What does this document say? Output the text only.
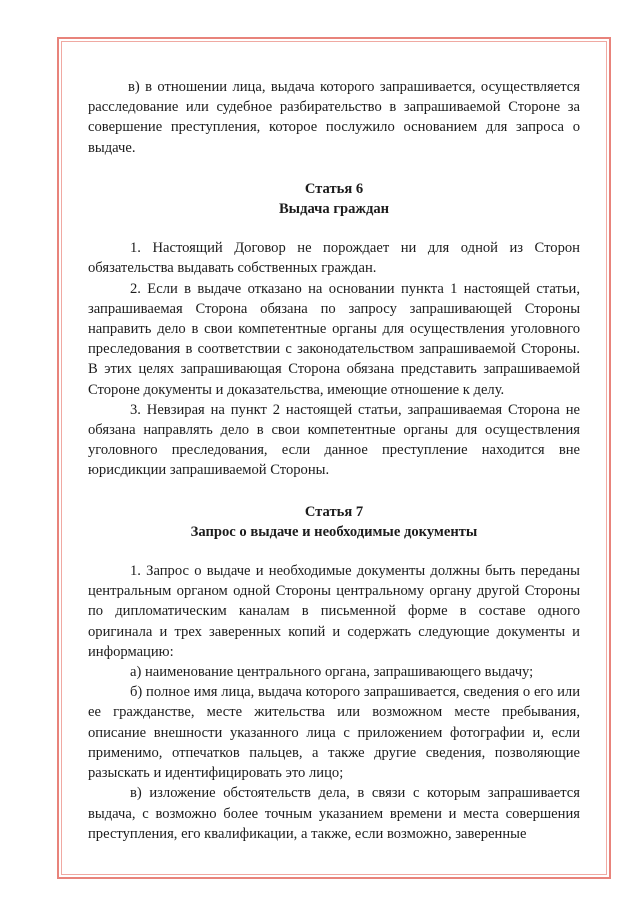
в) в отношении лица, выдача которого запрашивается, осуществляется расследование или судебное разбирательство в запрашиваемой Стороне за совершение преступления, которое послужило основанием для запроса о выдаче.

Статья 6

Выдача граждан

1. Настоящий Договор не порождает ни для одной из Сторон обязательства выдавать собственных граждан.

2. Если в выдаче отказано на основании пункта 1 настоящей статьи, запрашиваемая Сторона обязана по запросу запрашивающей Стороны направить дело в свои компетентные органы для осуществления уголовного преследования в соответствии с законодательством запрашиваемой Стороны. В этих целях запрашивающая Сторона обязана представить запрашиваемой Стороне документы и доказательства, имеющие отношение к делу.

3. Невзирая на пункт 2 настоящей статьи, запрашиваемая Сторона не обязана направлять дело в свои компетентные органы для осуществления уголовного преследования, если данное преступление находится вне юрисдикции запрашиваемой Стороны.

Статья 7

Запрос о выдаче и необходимые документы

1. Запрос о выдаче и необходимые документы должны быть переданы центральным органом одной Стороны центральному органу другой Стороны по дипломатическим каналам в письменной форме в составе одного оригинала и трех заверенных копий и содержать следующие документы и информацию:

а) наименование центрального органа, запрашивающего выдачу;

б) полное имя лица, выдача которого запрашивается, сведения о его или ее гражданстве, месте жительства или возможном месте пребывания, описание внешности указанного лица с приложением фотографии и, если применимо, отпечатков пальцев, а также другие сведения, позволяющие разыскать и идентифицировать это лицо;

в) изложение обстоятельств дела, в связи с которым запрашивается выдача, с возможно более точным указанием времени и места совершения преступления, его квалификации, а также, если возможно, заверенные
